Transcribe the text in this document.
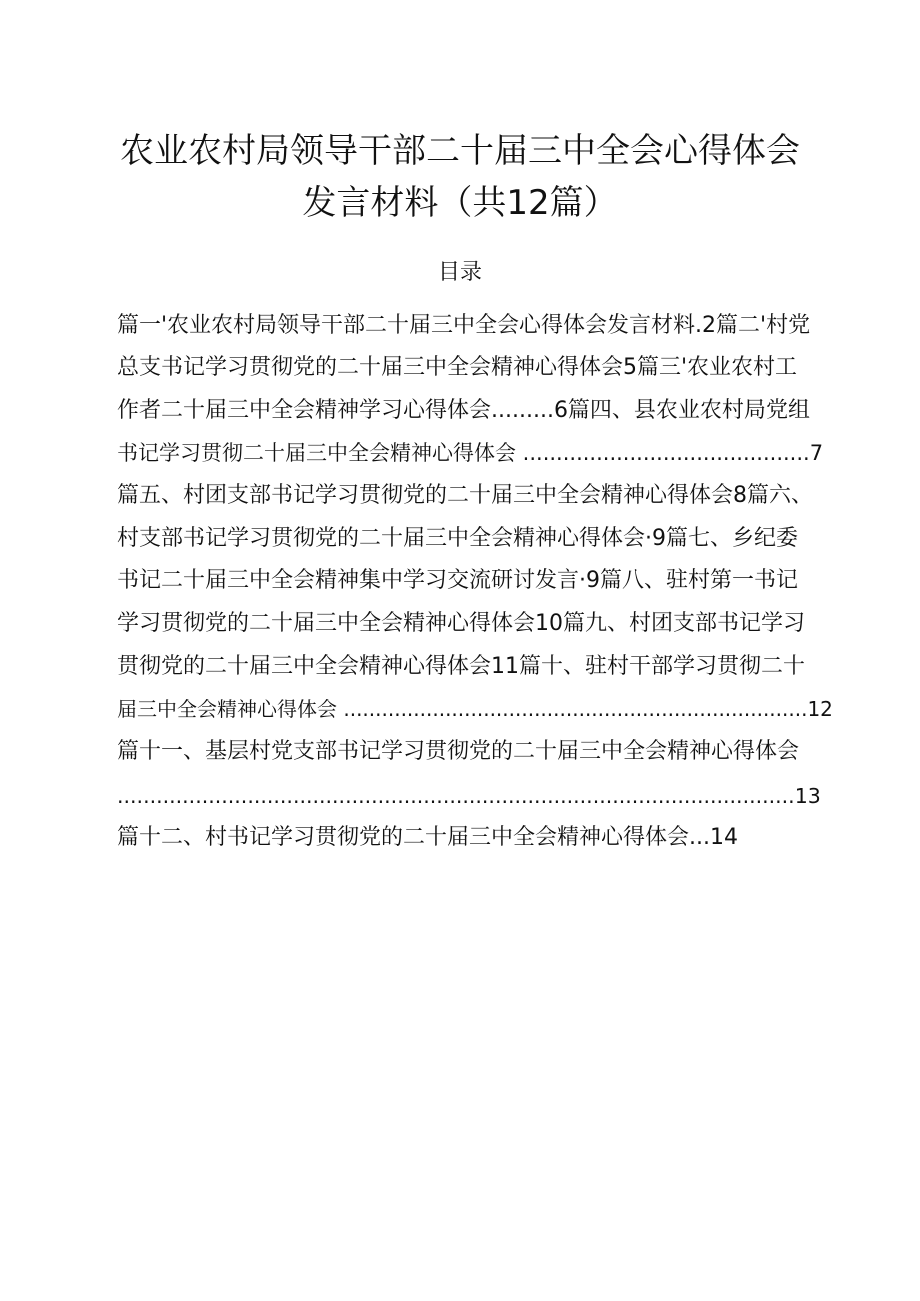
农业农村局领导干部二十届三中全会心得体会
发言材料（共12篇）
目录
篇一'农业农村局领导干部二十届三中全会心得体会发言材料.2篇二'村党
总支书记学习贯彻党的二十届三中全会精神心得体会5篇三'农业农村工
作者二十届三中全会精神学习心得体会.........6篇四、县农业农村局党组
书记学习贯彻二十届三中全会精神心得体会 ...........................................7
篇五、村团支部书记学习贯彻党的二十届三中全会精神心得体会8篇六、
村支部书记学习贯彻党的二十届三中全会精神心得体会·9篇七、乡纪委
书记二十届三中全会精神集中学习交流研讨发言·9篇八、驻村第一书记
学习贯彻党的二十届三中全会精神心得体会10篇九、村团支部书记学习
贯彻党的二十届三中全会精神心得体会11篇十、驻村干部学习贯彻二十
届三中全会精神心得体会 .........................................................................12
篇十一、基层村党支部书记学习贯彻党的二十届三中全会精神心得体会
........................................................................................................13
篇十二、村书记学习贯彻党的二十届三中全会精神心得体会...14
